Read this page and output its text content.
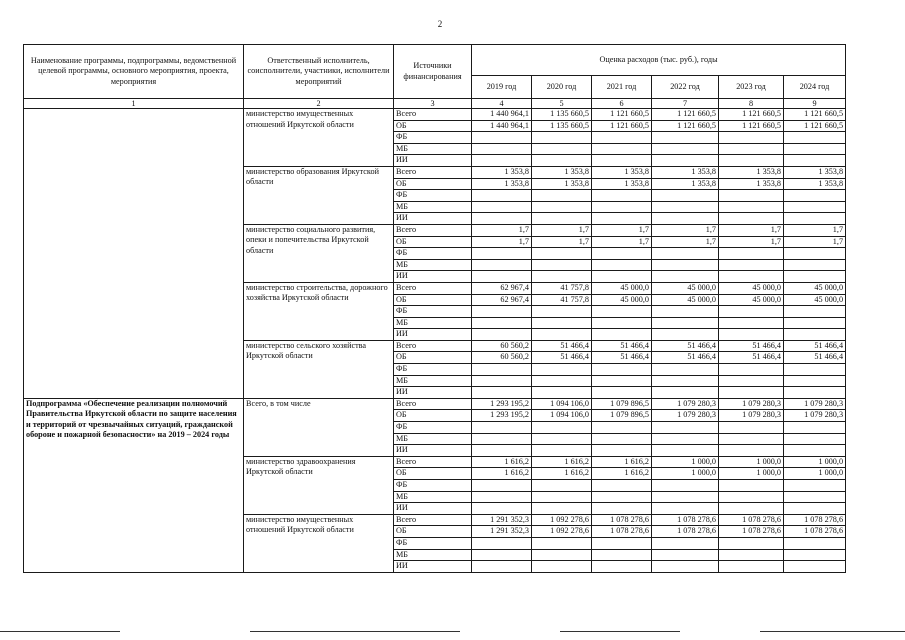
2
Наименование программы, подпрограммы, ведомственной целевой программы, основного мероприятия, проекта, мероприятия	Ответственный исполнитель, соисполнители, участники, исполнители мероприятий	Источники финансирования	Оценка расходов (тыс. руб.), годы					
			2019 год	2020 год	2021 год	2022 год	2023 год	2024 год
1	2	3	4	5	6	7	8	9
	министерство имущественных отношений Иркутской области	Всего	1 440 964,1	1 135 660,5	1 121 660,5	1 121 660,5	1 121 660,5	1 121 660,5
		ОБ	1 440 964,1	1 135 660,5	1 121 660,5	1 121 660,5	1 121 660,5	1 121 660,5
		ФБ						
		МБ						
		ИИ						
	министерство образования Иркутской области	Всего	1 353,8	1 353,8	1 353,8	1 353,8	1 353,8	1 353,8
		ОБ	1 353,8	1 353,8	1 353,8	1 353,8	1 353,8	1 353,8
		ФБ						
		МБ						
		ИИ						
	министерство социального развития, опеки и попечительства Иркутской области	Всего	1,7	1,7	1,7	1,7	1,7	1,7
		ОБ	1,7	1,7	1,7	1,7	1,7	1,7
		ФБ						
		МБ						
		ИИ						
	министерство строительства, дорожного хозяйства Иркутской области	Всего	62 967,4	41 757,8	45 000,0	45 000,0	45 000,0	45 000,0
		ОБ	62 967,4	41 757,8	45 000,0	45 000,0	45 000,0	45 000,0
		ФБ						
		МБ						
		ИИ						
	министерство сельского хозяйства Иркутской области	Всего	60 560,2	51 466,4	51 466,4	51 466,4	51 466,4	51 466,4
		ОБ	60 560,2	51 466,4	51 466,4	51 466,4	51 466,4	51 466,4
		ФБ						
		МБ						
		ИИ						
Подпрограмма «Обеспечение реализации полномочий Правительства Иркутской области по защите населения и территорий от чрезвычайных ситуаций, гражданской обороне и пожарной безопасности» на 2019 – 2024 годы	Всего, в том числе	Всего	1 293 195,2	1 094 106,0	1 079 896,5	1 079 280,3	1 079 280,3	1 079 280,3
		ОБ	1 293 195,2	1 094 106,0	1 079 896,5	1 079 280,3	1 079 280,3	1 079 280,3
		ФБ						
		МБ						
		ИИ						
	министерство здравоохранения Иркутской области	Всего	1 616,2	1 616,2	1 616,2	1 000,0	1 000,0	1 000,0
		ОБ	1 616,2	1 616,2	1 616,2	1 000,0	1 000,0	1 000,0
		ФБ						
		МБ						
		ИИ						
	министерство имущественных отношений Иркутской области	Всего	1 291 352,3	1 092 278,6	1 078 278,6	1 078 278,6	1 078 278,6	1 078 278,6
		ОБ	1 291 352,3	1 092 278,6	1 078 278,6	1 078 278,6	1 078 278,6	1 078 278,6
		ФБ						
		МБ						
		ИИ						
